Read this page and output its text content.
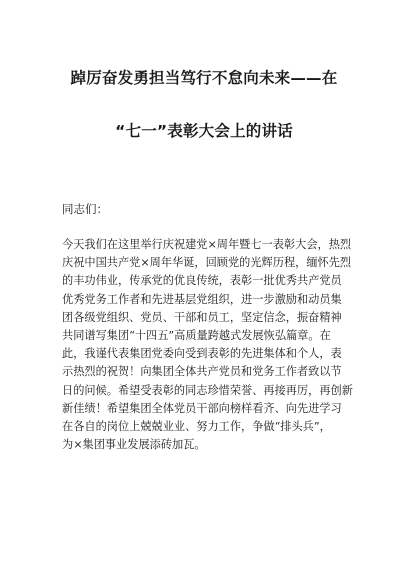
踔厉奋发勇担当笃行不怠向未来——在
“七一”表彰大会上的讲话
同志们：
今天我们在这里举行庆祝建党×周年暨七一表彰大会，热烈
庆祝中国共产党×周年华诞，回顾党的光辉历程，缅怀先烈
的丰功伟业，传承党的优良传统，表彰一批优秀共产党员
优秀党务工作者和先进基层党组织，进一步激励和动员集
团各级党组织、党员、干部和员工，坚定信念，振奋精神
共同谱写集团“十四五”高质量跨越式发展恢弘篇章。在
此，我谨代表集团党委向受到表彰的先进集体和个人，表
示热烈的祝贺！向集团全体共产党员和党务工作者致以节
日的问候。希望受表彰的同志珍惜荣誉、再接再厉，再创新
新佳绩！希望集团全体党员干部向榜样看齐、向先进学习
在各自的岗位上兢兢业业、努力工作，争做“排头兵”，
为×集团事业发展添砖加瓦。
